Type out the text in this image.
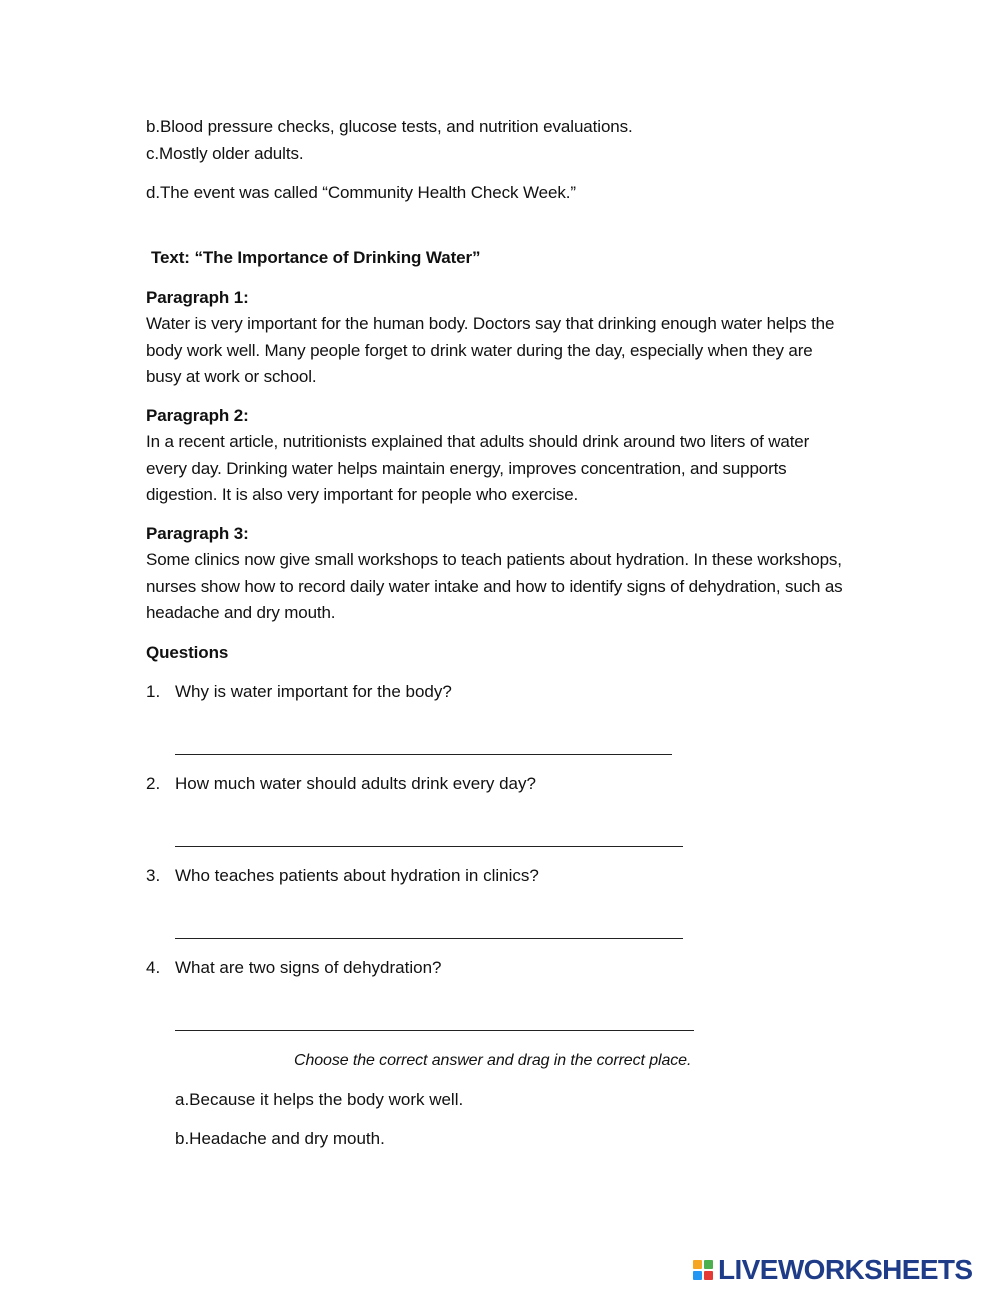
b.Blood pressure checks, glucose tests, and nutrition evaluations.
c.Mostly older adults.
d.The event was called “Community Health Check Week.”
Text: “The Importance of Drinking Water”
Paragraph 1:
Water is very important for the human body. Doctors say that drinking enough water helps the body work well. Many people forget to drink water during the day, especially when they are busy at work or school.
Paragraph 2:
In a recent article, nutritionists explained that adults should drink around two liters of water every day. Drinking water helps maintain energy, improves concentration, and supports digestion. It is also very important for people who exercise.
Paragraph 3:
Some clinics now give small workshops to teach patients about hydration. In these workshops, nurses show how to record daily water intake and how to identify signs of dehydration, such as headache and dry mouth.
Questions
1. Why is water important for the body?
2. How much water should adults drink every day?
3. Who teaches patients about hydration in clinics?
4. What are two signs of dehydration?
Choose the correct answer and drag in the correct place.
a.Because it helps the body work well.
b.Headache and dry mouth.
LIVEWORKSHEETS
